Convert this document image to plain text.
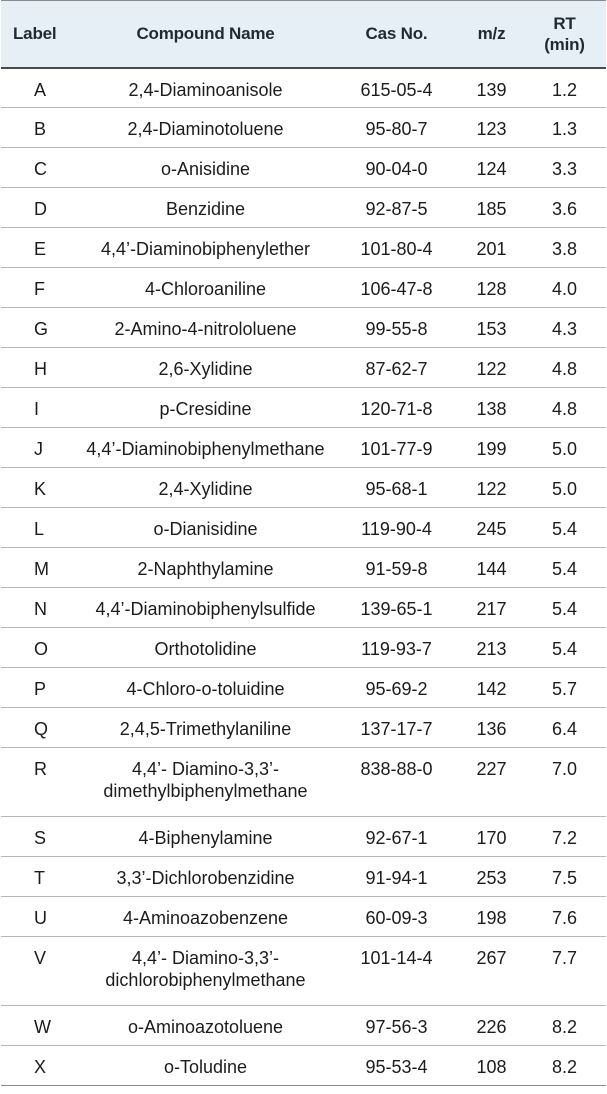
Label	Compound Name	Cas No.	m/z	RT
(min)

A	2,4-Diaminoanisole	615-05-4	139	1.2
B	2,4-Diaminotoluene	95-80-7	123	1.3
C	o-Anisidine	90-04-0	124	3.3
D	Benzidine	92-87-5	185	3.6
E	4,4’-Diaminobiphenylether	101-80-4	201	3.8
F	4-Chloroaniline	106-47-8	128	4.0
G	2-Amino-4-nitrololuene	99-55-8	153	4.3
H	2,6-Xylidine	87-62-7	122	4.8
I	p-Cresidine	120-71-8	138	4.8
J	4,4’-Diaminobiphenylmethane	101-77-9	199	5.0
K	2,4-Xylidine	95-68-1	122	5.0
L	o-Dianisidine	119-90-4	245	5.4
M	2-Naphthylamine	91-59-8	144	5.4
N	4,4’-Diaminobiphenylsulfide	139-65-1	217	5.4
O	Orthotolidine	119-93-7	213	5.4
P	4-Chloro-o-toluidine	95-69-2	142	5.7
Q	2,4,5-Trimethylaniline	137-17-7	136	6.4
R	4,4’- Diamino-3,3’-
dimethylbiphenylmethane	838-88-0	227	7.0
S	4-Biphenylamine	92-67-1	170	7.2
T	3,3’-Dichlorobenzidine	91-94-1	253	7.5
U	4-Aminoazobenzene	60-09-3	198	7.6
V	4,4’- Diamino-3,3’-
dichlorobiphenylmethane	101-14-4	267	7.7
W	o-Aminoazotoluene	97-56-3	226	8.2
X	o-Toludine	95-53-4	108	8.2
